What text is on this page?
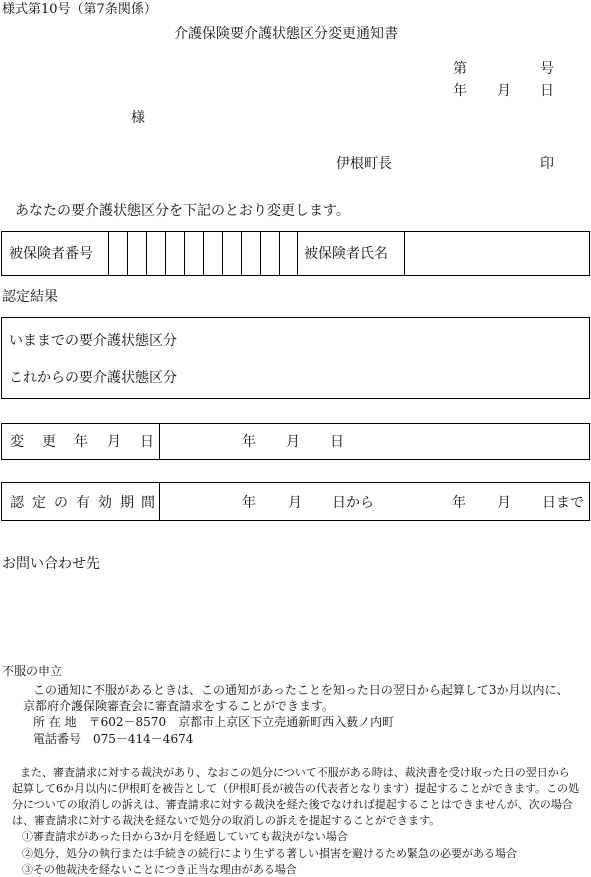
様式第10号（第7条関係）
介護保険要介護状態区分変更通知書
第	号
年 月 日
様
伊根町長	印
あなたの要介護状態区分を下記のとおり変更します。
被保険者番号	被保険者氏名
認定結果
いままでの要介護状態区分
これからの要介護状態区分
変 更 年 月 日	年 月 日
認 定 の 有 効 期 間	年 月 日から	年 月 日まで
お問い合わせ先
不服の申立
この通知に不服があるときは、この通知があったことを知った日の翌日から起算して3か月以内に、
京都府介護保険審査会に審査請求をすることができます。
所 在 地　〒602－8570　京都市上京区下立売通新町西入薮ノ内町
電話番号　075－414－4674
また、審査請求に対する裁決があり、なおこの処分について不服がある時は、裁決書を受け取った日の翌日から
起算して6か月以内に伊根町を被告として（伊根町長が被告の代表者となります）提起することができます。この処
分についての取消しの訴えは、審査請求に対する裁決を経た後でなければ提起することはできませんが、次の場合
は、審査請求に対する裁決を経ないで処分の取消しの訴えを提起することができます。
①審査請求があった日から3か月を経過していても裁決がない場合
②処分、処分の執行または手続きの続行により生ずる著しい損害を避けるため緊急の必要がある場合
③その他裁決を経ないことにつき正当な理由がある場合
